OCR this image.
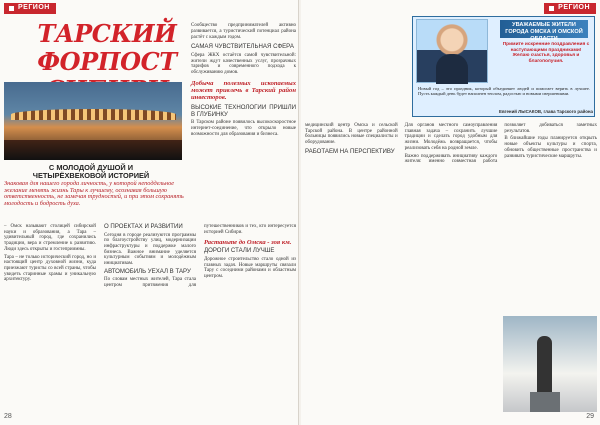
РЕГИОН
ТАРСКИЙ ФОРПОСТ
С МОЛОДОЙ ДУШОЙ И ЧЕТЫРЁХВЕКОВОЙ ИСТОРИЕЙ

Знаковая для нашего города личность, у которой неподдельное желание менять жизнь Тары к лучшему, осознавая большую ответственность, не замечая трудностей, и при этом сохранять молодость и бодрость духа.

– Омск называют столицей сибирской науки и образования, а Тара – удивительный город, где сохранились традиции, вера и стремление к развитию. Люди здесь открыты и гостеприимны.

Тара – не только исторический город, но и настоящий центр духовной жизни, куда приезжают туристы со всей страны, чтобы увидеть старинные храмы и уникальную архитектуру.

О ПРОЕКТАХ И РАЗВИТИИ

Сегодня в городе реализуются программы по благоустройству улиц, модернизации инфраструктуры и поддержке малого бизнеса. Важное внимание уделяется культурным событиям и молодёжным инициативам.

АВТОМОБИЛЬ УЕХАЛ В ТАРУ

По словам местных жителей, Тара стала центром притяжения для путешественников и тех, кто интересуется историей Сибири.

Растаньте до Омска - зоя км.

ДОРОГИ СТАЛИ ЛУЧШЕ

Дорожное строительство стало одной из главных задач. Новые маршруты связали Тару с соседними районами и областным центром.

Сообщество предпринимателей активно развивается, а туристический потенциал района растёт с каждым годом.

САМАЯ ЧУВСТВИТЕЛЬНАЯ СФЕРА

Сфера ЖКХ остаётся самой чувствительной: жители ждут качественных услуг, прозрачных тарифов и современного подхода к обслуживанию домов.

Добыча полезных ископаемых может привлечь в Тарский район инвесторов.

ВЫСОКИЕ ТЕХНОЛОГИИ ПРИШЛИ В ГЛУБИНКУ

В Тарском районе появилось высокоскоростное интернет-соединение, что открыло новые возможности для образования и бизнеса.

28
РЕГИОН
УВАЖАЕМЫЕ ЖИТЕЛИ ГОРОДА ОМСКА И ОМСКОЙ ОБЛАСТИ
Примите искренние поздравления с наступающими праздниками! Желаю счастья, здоровья и благополучия.
Новый год – это праздник, который объединяет людей и помогает верить в лучшее. Пусть каждый день будет наполнен теплом, радостью и новыми свершениями.
Евгений ЛЫСАКОВ, глава Тарского района

медицинский центр Омска и сельской Тарской района. В центре районной больницы появились новые специалисты и оборудование.

РАБОТАЕМ НА ПЕРСПЕКТИВУ

Для органов местного самоуправления главная задача – сохранить лучшие традиции и сделать город удобным для жизни. Молодёжь возвращается, чтобы реализовать себя на родной земле.

Важно поддерживать инициативу каждого жителя: именно совместная работа позволяет добиваться заметных результатов.

В ближайшие годы планируется открыть новые объекты культуры и спорта, обновить общественные пространства и развивать туристические маршруты.

29
